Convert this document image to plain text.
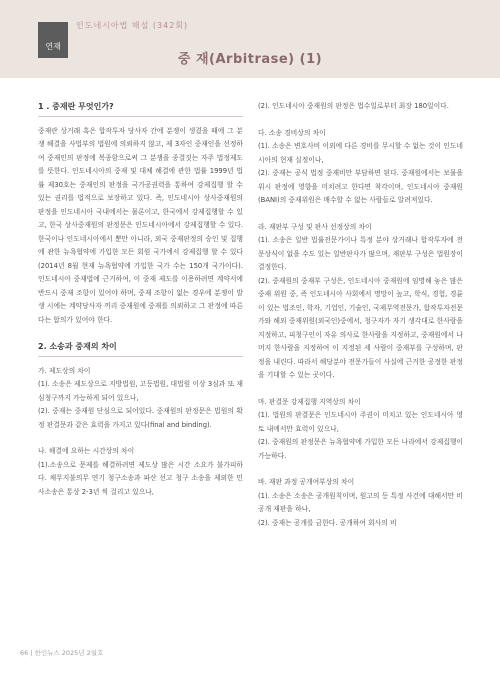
연재
인도네시아법 해설 (342회)
중 재(Arbitrase) (1)

1 . 중재란 무엇인가?

중재란 상거래 혹은 합작투자 당사자 간에 분쟁이 생겼을 때에 그 분쟁 해결을 사법부의 법원에 의뢰하지 않고, 제 3자인 중재인을 선정하여 중재인의 판정에 복종함으로써 그 분쟁을 종결짓는 자주 법정제도를 뜻한다. 인도네시아의 중재 및 대체 해결에 관한 법률 1999년 법률 제30호는 중재인의 판정을 국가공권력을 통하여 강제집행 할 수 있는 권리를 법적으로 보장하고 있다. 즉, 인도네시아 상사중재원의 판정을 인도네시아 국내에서는 물론이고, 한국에서 강제집행할 수 있고, 한국 상사중재원의 판정문은 인도네시아에서 강제집행할 수 있다. 한국이나 인도네시아에서 뿐만 아니라, 외국 중재판정의 승인 및 집행에 관한 뉴욕협약에 가입한 모든 회원 국가에서 강제집행 할 수 있다(2014년 8월 현재 뉴욕협약에 가입한 국가 수는 150개 국가이다). 인도네시아 중재법에 근거하여, 이 중재 제도를 이용하려면 계약서에 반드시 중재 조항이 있어야 하며, 중재 조항이 없는 경우에 분쟁이 발생 시에는 계약당사자 끼리 중재원에 중재를 의뢰하고 그 판정에 따른다는 합의가 있어야 한다.

2. 소송과 중재의 차이

가. 제도상의 차이

(1). 소송은 제도상으로 지방법원, 고등법원, 대법원 이상 3심과 또 재심청구까지 가능하게 되어 있으나,

(2). 중재는 중재원 단심으로 되어있다. 중재원의 판정문은 법원의 확정 판결문과 같은 효력을 가지고 있다(final and binding).

나. 해결에 요하는 시간상의 차이

(1).소송으로 문제를 해결하려면 제도상 많은 시간 소요가 불가피하다. 채무지불의무 연기 청구소송과 파산 선고 청구 소송을 제외한 민사소송은 통상 2-3년 씩 걸리고 있으나,

(2). 인도네시아 중재원의 판정은 법수일로부터 최장 180일이다.

다. 소송 경비상의 차이

(1). 소송은 변호사비 이외에 다른 경비를 무시할 수 없는 것이 인도네시아의 현재 실정이나,

(2). 중재는 공식 법정 중재비만 부담하면 된다. 중재원에서는 보물을 위시 판정에 영향을 미치려고 한다면 착각이며, 인도네시아 중재원(BANI)의 중재위원은 매수할 수 없는 사람들로 알려져있다.

라. 재판부 구성 및 판사 선정상의 차이

(1). 소송은 일반 법률전문가이나 특정 분야 상거래나 합작투자에 전문상식이 없을 수도 있는 일반판사가 많으며, 재판부 구성은 법원장이 결정한다.

(2). 중재원의 중재부 구성은, 인도네시아 중재원에 임명해 놓은 많은 중재 위원 중, 즉 인도네시아 사회에서 명망이 높고, 학식, 경험, 경륜이 있는 법조인, 학자, 기업인, 기술인, 국제무역전문가, 합작투자전문가와 해외 중재위원(외국인)중에서, 청구자가 자기 생각대로 한사람을 지정하고, 피청구인이 자유 의사로 한사람을 지정하고, 중재원에서 나머지 한사람을 지정하여 이 지정된 세 사람이 중재부를 구성하며, 판정을 내린다. 따라서 해당분야 전문가들이 사실에 근거한 공정한 판정을 기대할 수 있는 곳이다.

마. 판결문 강제집행 지역상의 차이

(1). 법원의 판결문은 인도네시아 주권이 미치고 있는 인도네시아 영토 내에서만 효력이 있으나,

(2). 중재원의 판정문은 뉴욕협약에 가입한 모든 나라에서 강제집행이 가능하다.

바. 재판 과정 공개여부상의 차이

(1). 소송은 소송은 공개원칙이며, 원고의 등 특정 사건에 대해서만 비공개 재판을 하나,

(2). 중재는 공개를 금한다. 공개하여 회사의 비

66 | 한인뉴스 2025년 2월호
